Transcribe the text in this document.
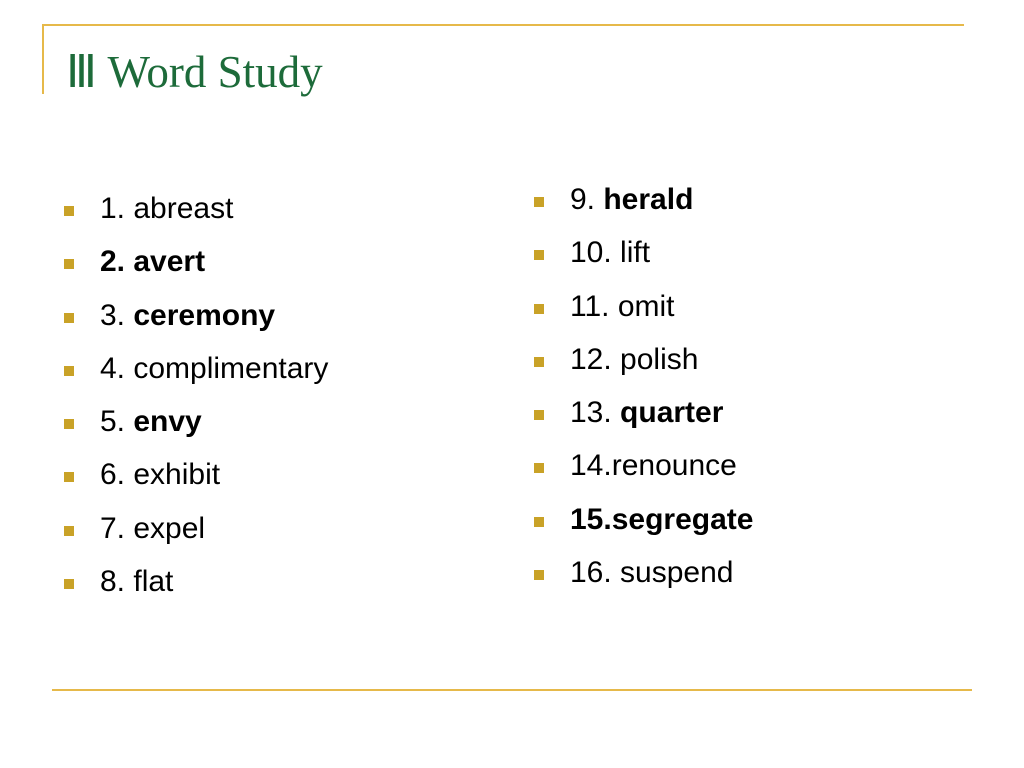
Ⅲ Word Study
1. abreast
2. avert
3. ceremony
4. complimentary
5. envy
6. exhibit
7. expel
8. flat
9. herald
10. lift
11. omit
12. polish
13. quarter
14.renounce
15.segregate
16. suspend
